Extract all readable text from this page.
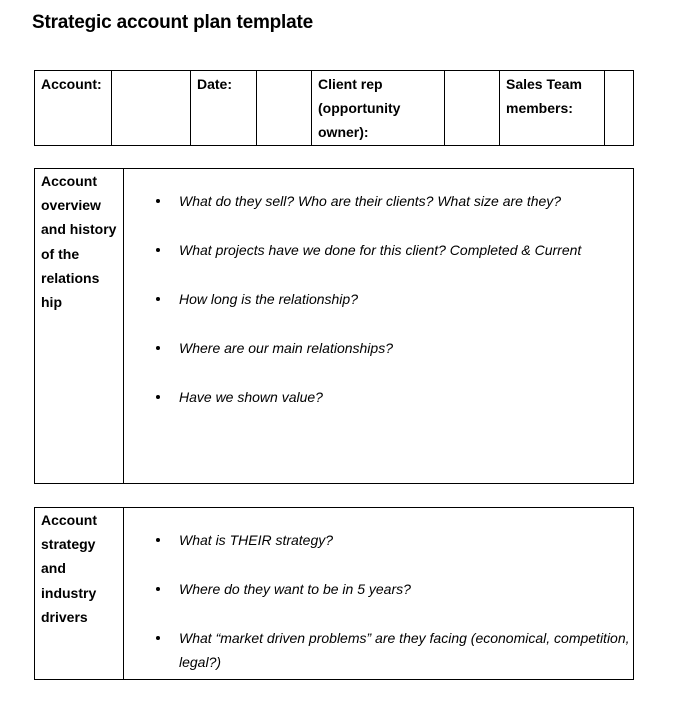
Strategic account plan template
Account:		Date:		Client rep (opportunity owner):		Sales Team members:	
Account overview and history of the relations hip	
What do they sell? Who are their clients? What size are they?
What projects have we done for this client? Completed & Current
How long is the relationship?
Where are our main relationships?
Have we shown value?
Account strategy and industry drivers	
What is THEIR strategy?
Where do they want to be in 5 years?
What “market driven problems” are they facing (economical, competition, legal?)
